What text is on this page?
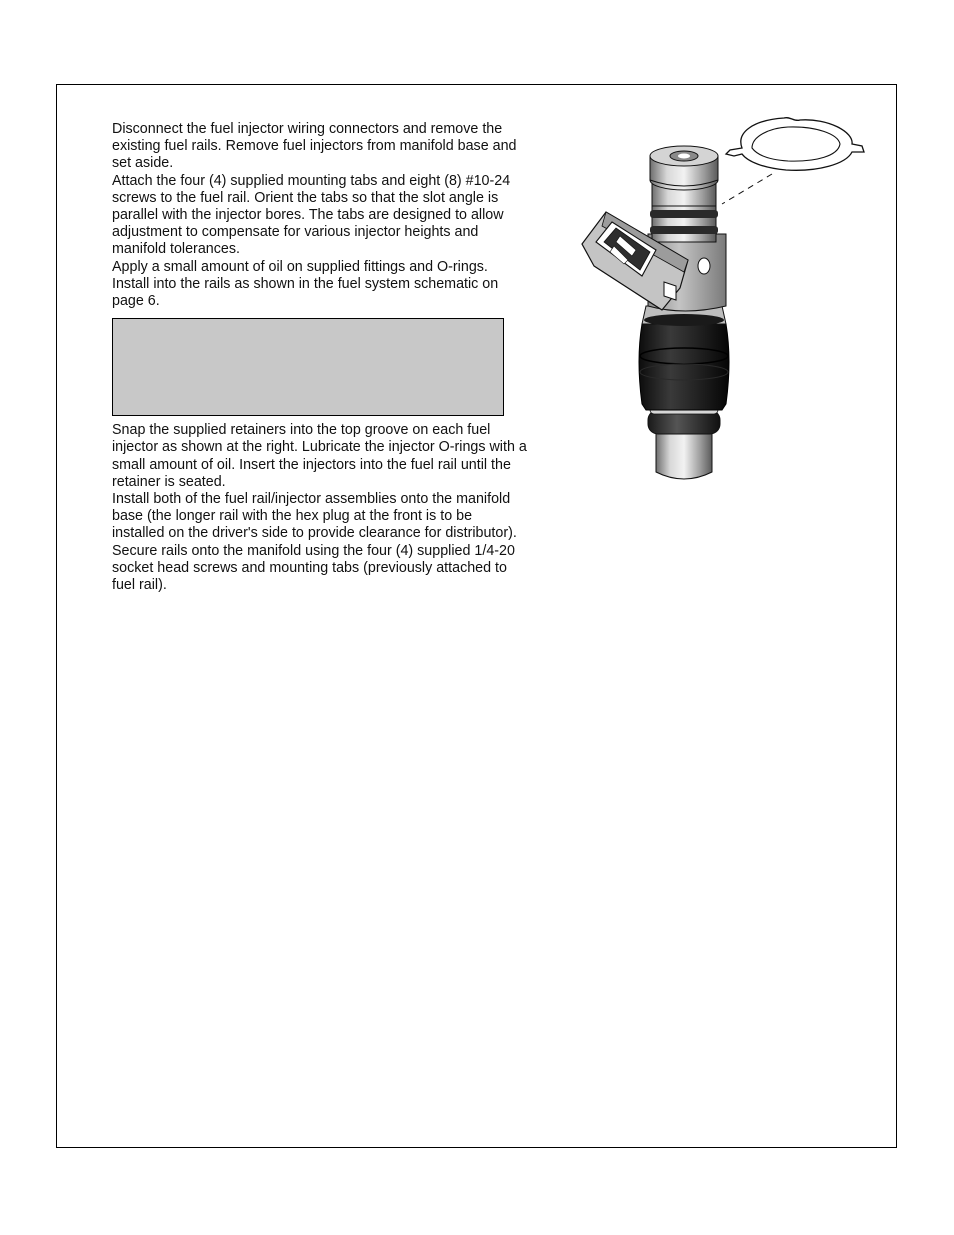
Disconnect the fuel injector wiring connectors and remove the existing fuel rails. Remove fuel injectors from manifold base and set aside.

Attach the four (4) supplied mounting tabs and eight (8) #10-24 screws to the fuel rail. Orient the tabs so that the slot angle is parallel with the injector bores. The tabs are designed to allow adjustment to compensate for various injector heights and manifold tolerances.

Apply a small amount of oil on supplied fittings and O-rings. Install into the rails as shown in the fuel system schematic on page 6.

Snap the supplied retainers into the top groove on each fuel injector as shown at the right. Lubricate the injector O-rings with a small amount of oil. Insert the injectors into the fuel rail until the retainer is seated.

Install both of the fuel rail/injector assemblies onto the manifold base (the longer rail with the hex plug at the front is to be installed on the driver's side to provide clearance for distributor). Secure rails onto the manifold using the four (4) supplied 1/4-20 socket head screws and mounting tabs (previously attached to fuel rail).
